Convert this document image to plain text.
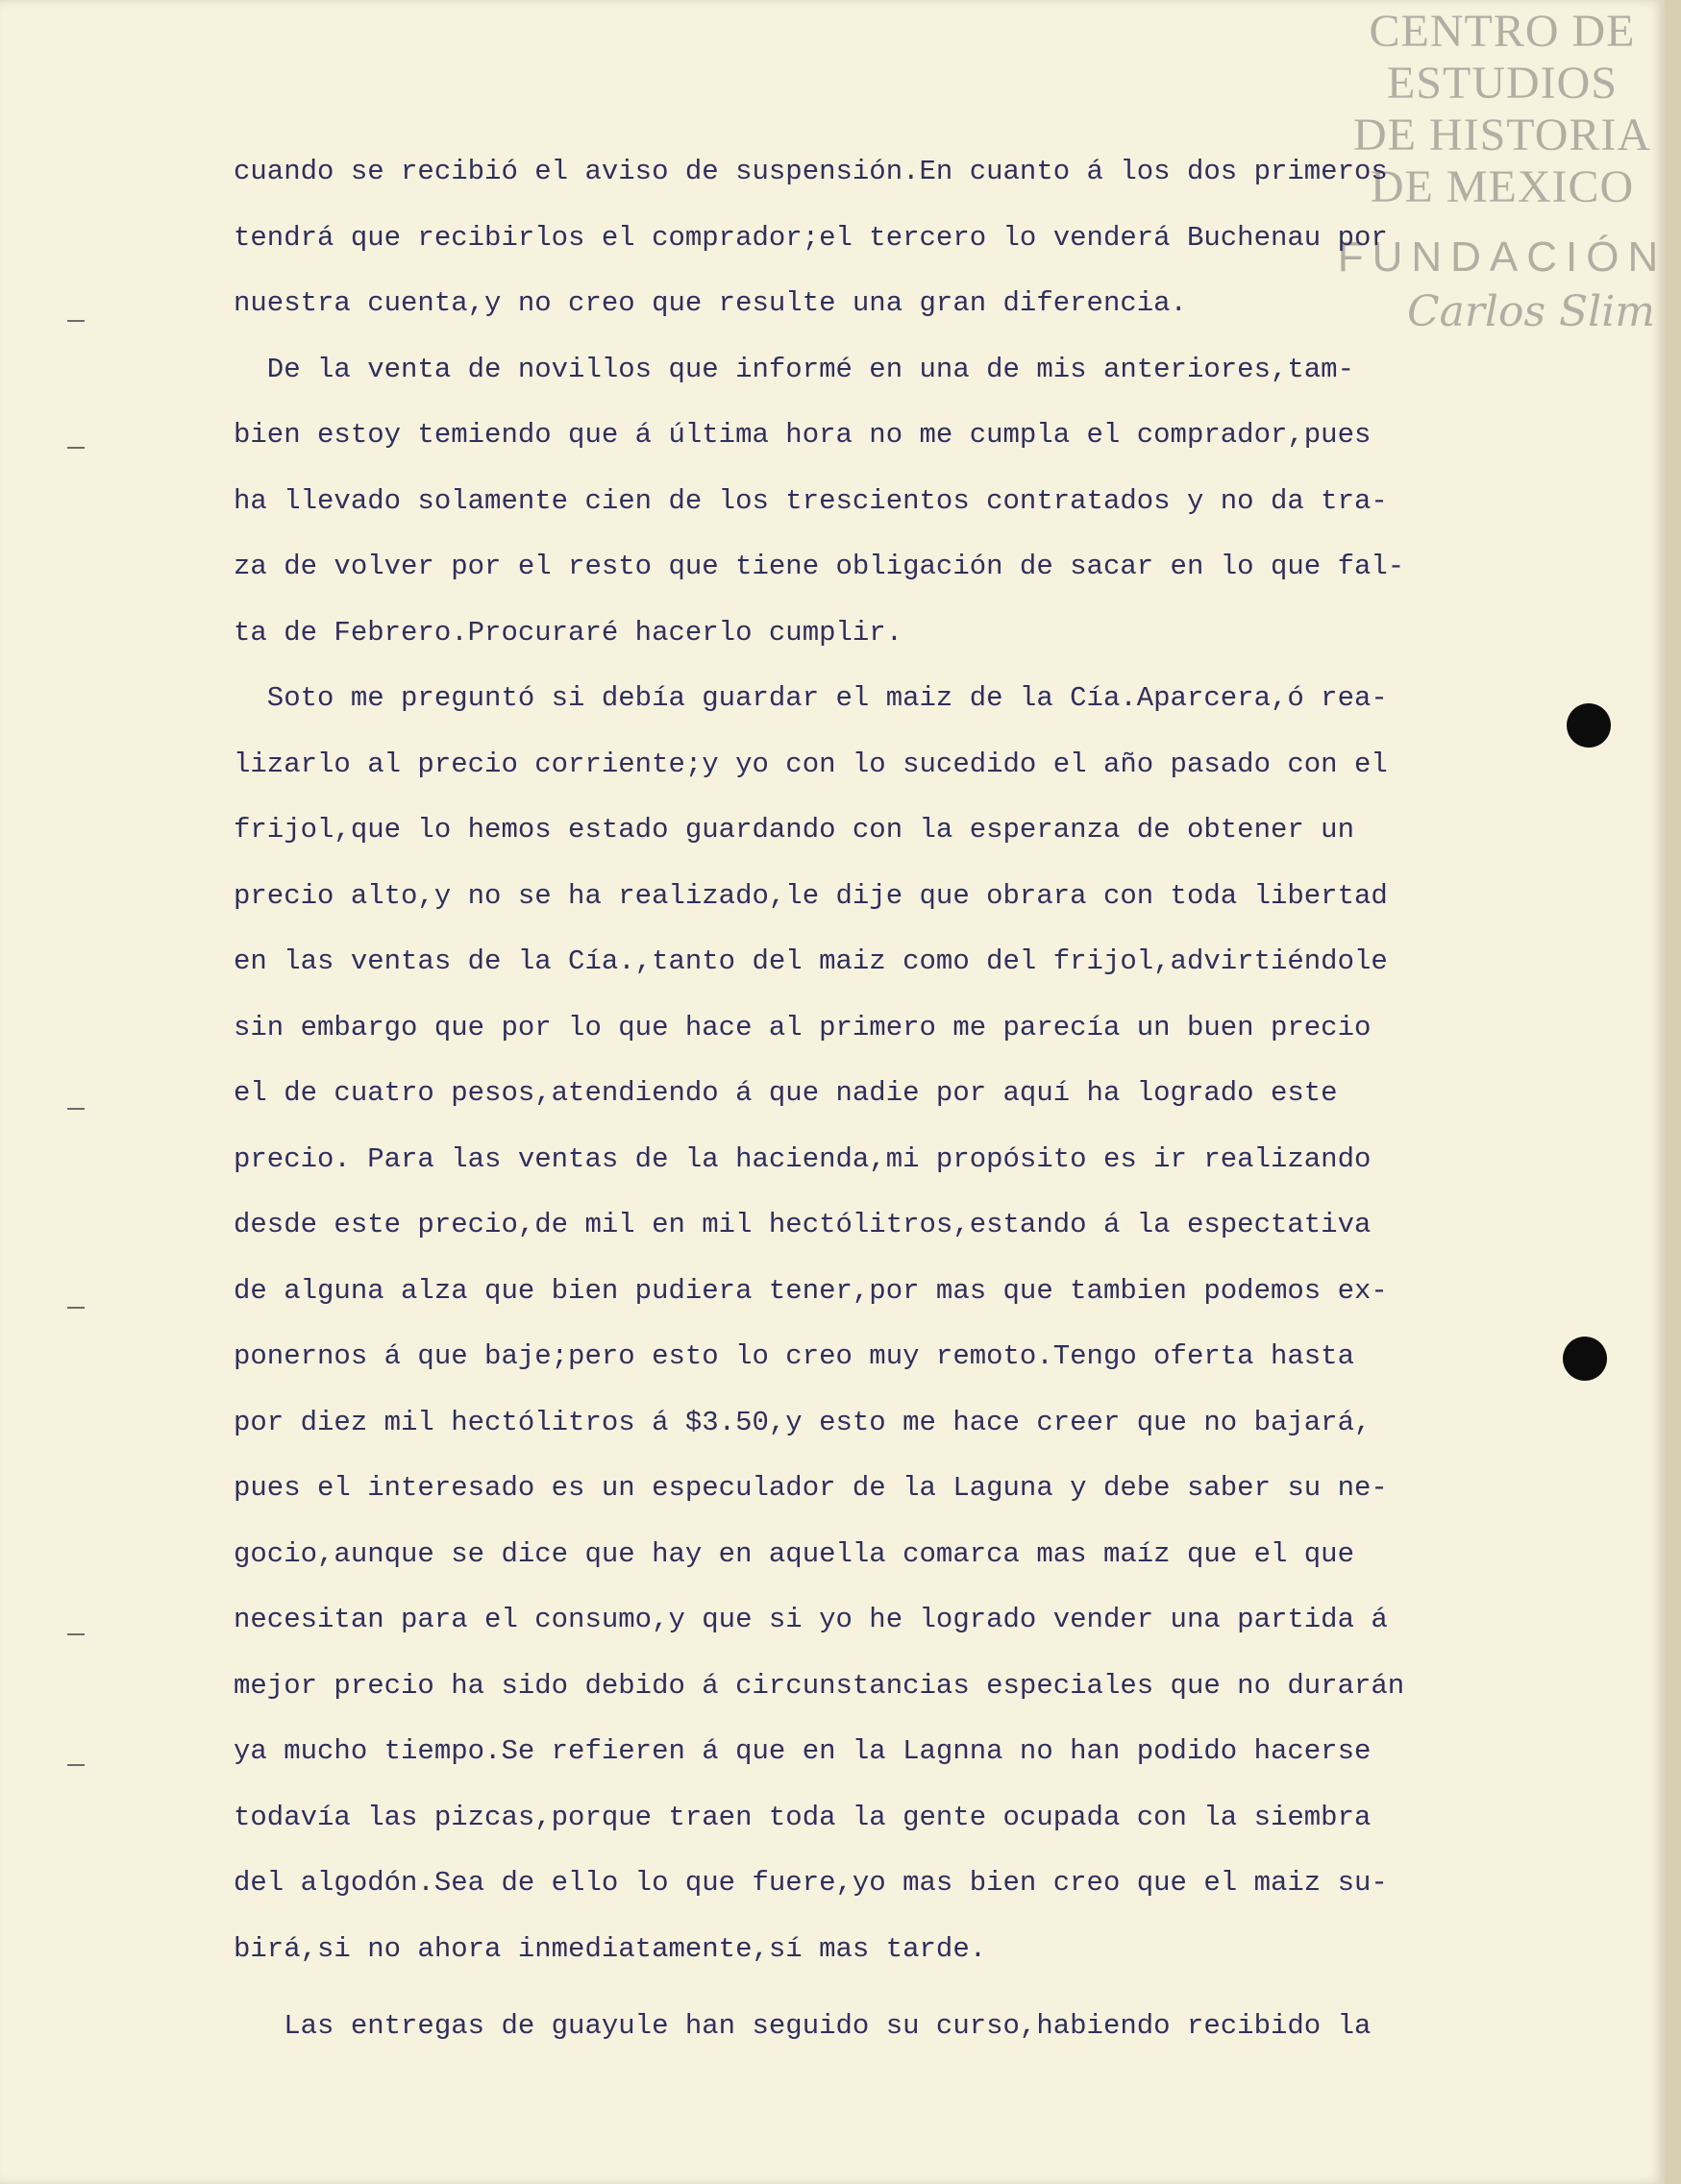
CENTRO DE
ESTUDIOS
DE HISTORIA
DE MEXICO
FUNDACIÓN
Carlos Slim
cuando se recibió el aviso de suspensión.En cuanto á los dos primeros
tendrá que recibirlos el comprador;el tercero lo venderá Buchenau por
nuestra cuenta,y no creo que resulte una gran diferencia.
De la venta de novillos que informé en una de mis anteriores,tam-
bien estoy temiendo que á última hora no me cumpla el comprador,pues
ha llevado solamente cien de los trescientos contratados y no da tra-
za de volver por el resto que tiene obligación de sacar en lo que fal-
ta de Febrero.Procuraré hacerlo cumplir.
Soto me preguntó si debía guardar el maiz de la Cía.Aparcera,ó rea-
lizarlo al precio corriente;y yo con lo sucedido el año pasado con el
frijol,que lo hemos estado guardando con la esperanza de obtener un
precio alto,y no se ha realizado,le dije que obrara con toda libertad
en las ventas de la Cía.,tanto del maiz como del frijol,advirtiéndole
sin embargo que por lo que hace al primero me parecía un buen precio
el de cuatro pesos,atendiendo á que nadie por aquí ha logrado este
precio. Para las ventas de la hacienda,mi propósito es ir realizando
desde este precio,de mil en mil hectólitros,estando á la espectativa
de alguna alza que bien pudiera tener,por mas que tambien podemos ex-
ponernos á que baje;pero esto lo creo muy remoto.Tengo oferta hasta
por diez mil hectólitros á $3.50,y esto me hace creer que no bajará,
pues el interesado es un especulador de la Laguna y debe saber su ne-
gocio,aunque se dice que hay en aquella comarca mas maíz que el que
necesitan para el consumo,y que si yo he logrado vender una partida á
mejor precio ha sido debido á circunstancias especiales que no durarán
ya mucho tiempo.Se refieren á que en la Lagnna no han podido hacerse
todavía las pizcas,porque traen toda la gente ocupada con la siembra
del algodón.Sea de ello lo que fuere,yo mas bien creo que el maiz su-
birá,si no ahora inmediatamente,sí mas tarde.
Las entregas de guayule han seguido su curso,habiendo recibido la
